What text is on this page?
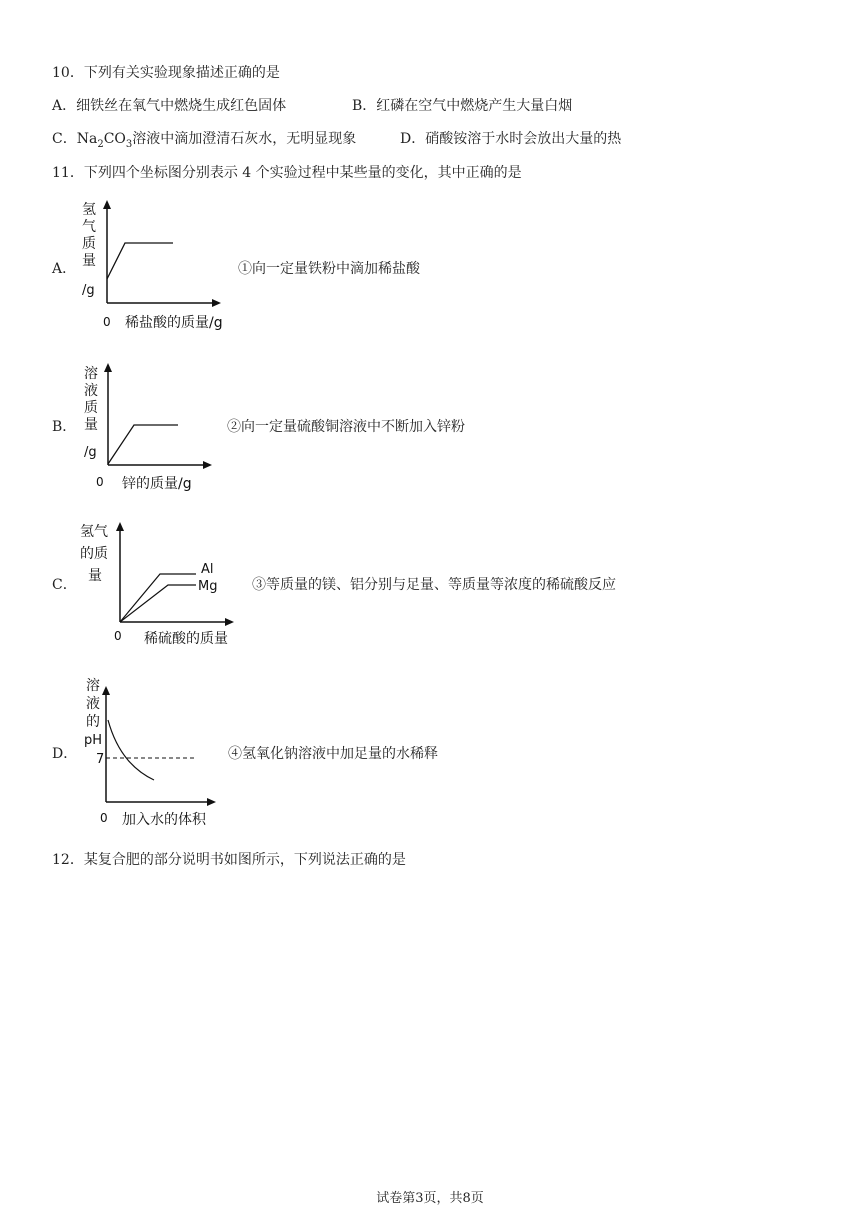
10．下列有关实验现象描述正确的是
A．细铁丝在氧气中燃烧生成红色固体	B．红磷在空气中燃烧产生大量白烟
C．$Na_2CO_3$溶液中滴加澄清石灰水，无明显现象	D．硝酸铵溶于水时会放出大量的热
11．下列四个坐标图分别表示 4 个实验过程中某些量的变化，其中正确的是
A．
氢
气
质
量
/g
0 稀盐酸的质量/g
①向一定量铁粉中滴加稀盐酸
B．
溶
液
质
量
/g
0 锌的质量/g
②向一定量硫酸铜溶液中不断加入锌粉
C．
氢气
的质
量	Al
Mg
0 稀硫酸的质量
③等质量的镁、铝分别与足量、等质量等浓度的稀硫酸反应
D．
溶
液
的
pH
7
0 加入水的体积
④氢氧化钠溶液中加足量的水稀释
12．某复合肥的部分说明书如图所示，下列说法正确的是
试卷第3页，共8页
